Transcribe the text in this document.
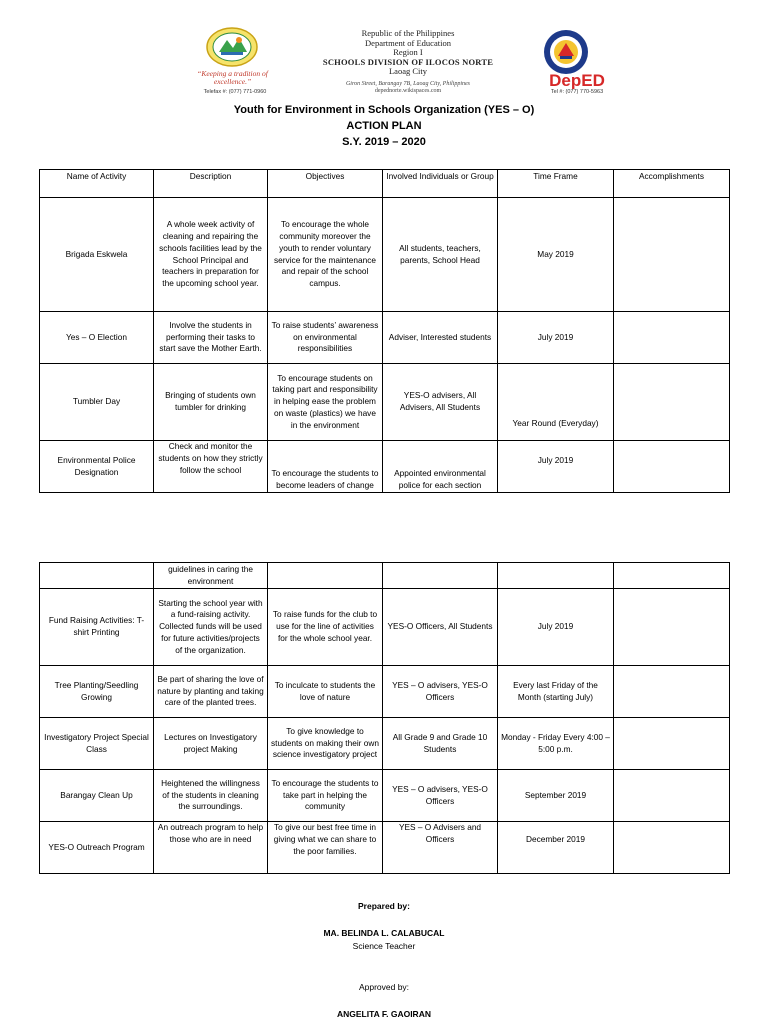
“Keeping a tradition of excellence.”
Telefax #: (077) 771-0960
Republic of the Philippines
Department of Education
Region I
SCHOOLS DIVISION OF ILOCOS NORTE
Laoag City
Giron Street, Barangay 7B, Laoag City, Philippines
depednorte.wikispaces.com
DepED
Tel #: (077) 770-5963
Youth for Environment in Schools Organization (YES – O)
ACTION PLAN
S.Y. 2019 – 2020
Name of Activity	Description	Objectives	Involved Individuals or Group	Time Frame	Accomplishments
Brigada Eskwela	A whole week activity of cleaning and repairing the schools facilities lead by the School Principal and teachers in preparation for the upcoming school year.	To encourage the whole community moreover the youth to render voluntary service for the maintenance and repair of the school campus.	All students, teachers, parents, School Head	May 2019	
Yes – O Election	Involve the students in performing their tasks to start save the Mother Earth.	To raise students’ awareness on environmental responsibilities	Adviser, Interested students	July 2019	
Tumbler Day	Bringing of students own tumbler for drinking	To encourage students on taking part and responsibility in helping ease the problem on waste (plastics) we have in the environment	YES-O advisers, All Advisers, All Students	Year Round (Everyday)	
Environmental Police Designation	Check and monitor the students on how they strictly follow the school	To encourage the students to become leaders of change	Appointed environmental police for each section	July 2019	
	guidelines in caring the environment				
Fund Raising Activities: T-shirt Printing	Starting the school year with a fund-raising activity. Collected funds will be used for future activities/projects of the organization.	To raise funds for the club to use for the line of activities for the whole school year.	YES-O Officers, All Students	July 2019	
Tree Planting/Seedling Growing	Be part of sharing the love of nature by planting and taking care of the planted trees.	To inculcate to students the love of nature	YES – O advisers, YES-O Officers	Every last Friday of the Month (starting July)	
Investigatory Project Special Class	Lectures on Investigatory project Making	To give knowledge to students on making their own science investigatory project	All Grade 9 and Grade 10 Students	Monday - Friday Every 4:00 – 5:00 p.m.	
Barangay Clean Up	Heightened the willingness of the students in cleaning the surroundings.	To encourage the students to take part in helping the community	YES – O advisers, YES-O Officers	September 2019	
YES-O Outreach Program	An outreach program to help those who are in need	To give our best free time in giving what we can share to the poor families.	YES – O Advisers and Officers	December 2019	
Prepared by:
MA. BELINDA L. CALABUCAL
Science Teacher
Approved by:
ANGELITA F. GAOIRAN
